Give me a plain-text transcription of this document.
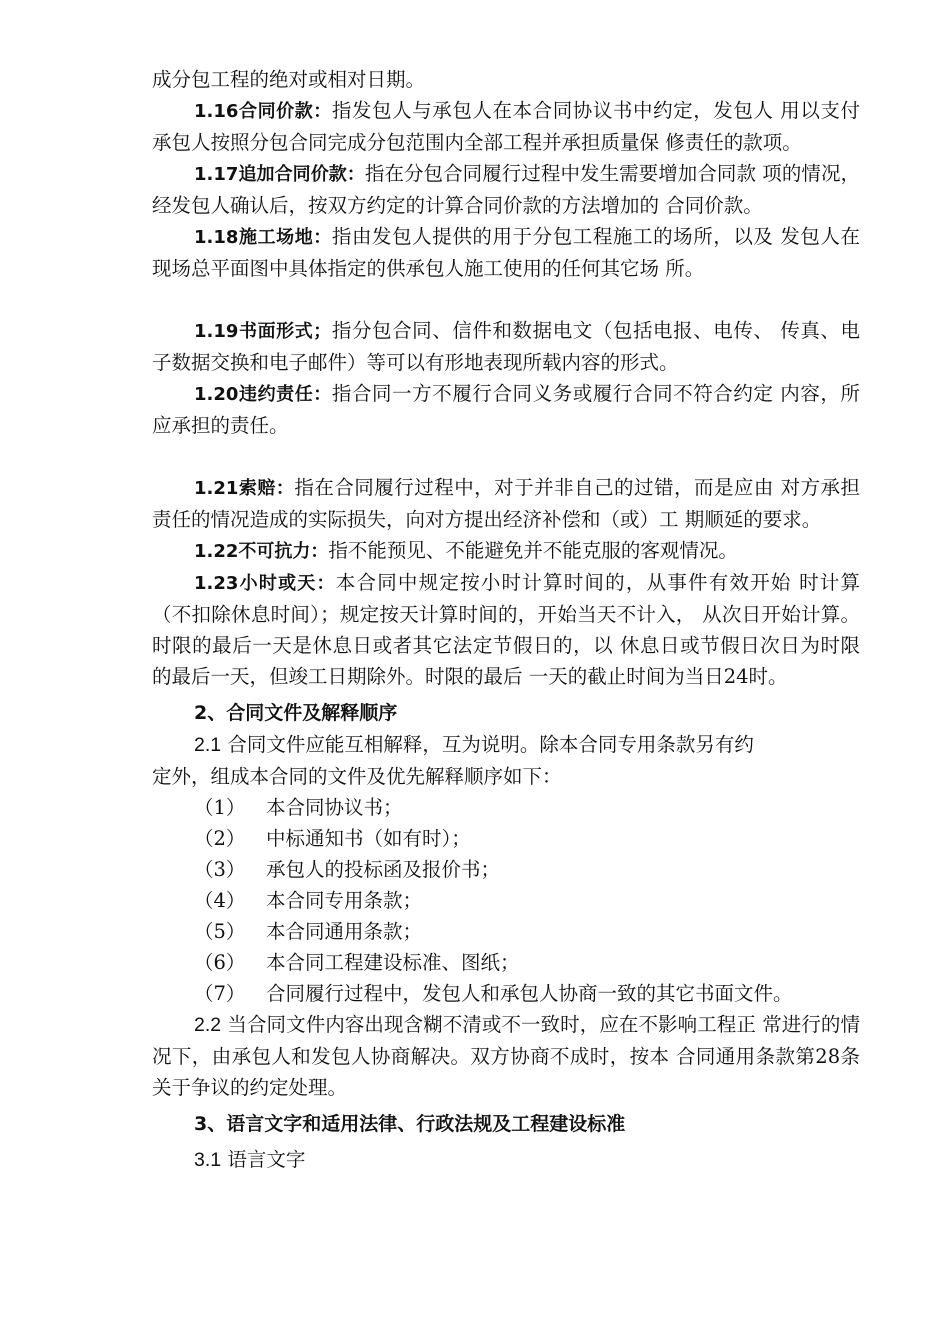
成分包工程的绝对或相对日期。

1.16合同价款：指发包人与承包人在本合同协议书中约定，发包人 用以支付承包人按照分包合同完成分包范围内全部工程并承担质量保 修责任的款项。

1.17追加合同价款：指在分包合同履行过程中发生需要增加合同款 项的情况，经发包人确认后，按双方约定的计算合同价款的方法增加的 合同价款。

1.18施工场地：指由发包人提供的用于分包工程施工的场所，以及 发包人在现场总平面图中具体指定的供承包人施工使用的任何其它场 所。

1.19书面形式；指分包合同、信件和数据电文（包括电报、电传、 传真、电子数据交换和电子邮件）等可以有形地表现所载内容的形式。

1.20违约责任：指合同一方不履行合同义务或履行合同不符合约定 内容，所应承担的责任。

1.21索赔：指在合同履行过程中，对于并非自己的过错，而是应由 对方承担责任的情况造成的实际损失，向对方提出经济补偿和（或）工 期顺延的要求。

1.22不可抗力：指不能预见、不能避免并不能克服的客观情况。

1.23小时或天：本合同中规定按小时计算时间的，从事件有效开始 时计算（不扣除休息时间）；规定按天计算时间的，开始当天不计入， 从次日开始计算。时限的最后一天是休息日或者其它法定节假日的，以 休息日或节假日次日为时限的最后一天，但竣工日期除外。时限的最后 一天的截止时间为当日24时。

2、合同文件及解释顺序

2.1 合同文件应能互相解释，互为说明。除本合同专用条款另有约

定外，组成本合同的文件及优先解释顺序如下：

（1）	本合同协议书；
（2）	中标通知书（如有时）；
（3）	承包人的投标函及报价书；
（4）	本合同专用条款；
（5）	本合同通用条款；
（6）	本合同工程建设标准、图纸；
（7）	合同履行过程中，发包人和承包人协商一致的其它书面文件。

2.2 当合同文件内容出现含糊不清或不一致时，应在不影响工程正 常进行的情况下，由承包人和发包人协商解决。双方协商不成时，按本 合同通用条款第28条关于争议的约定处理。

3、语言文字和适用法律、行政法规及工程建设标准

3.1 语言文字
